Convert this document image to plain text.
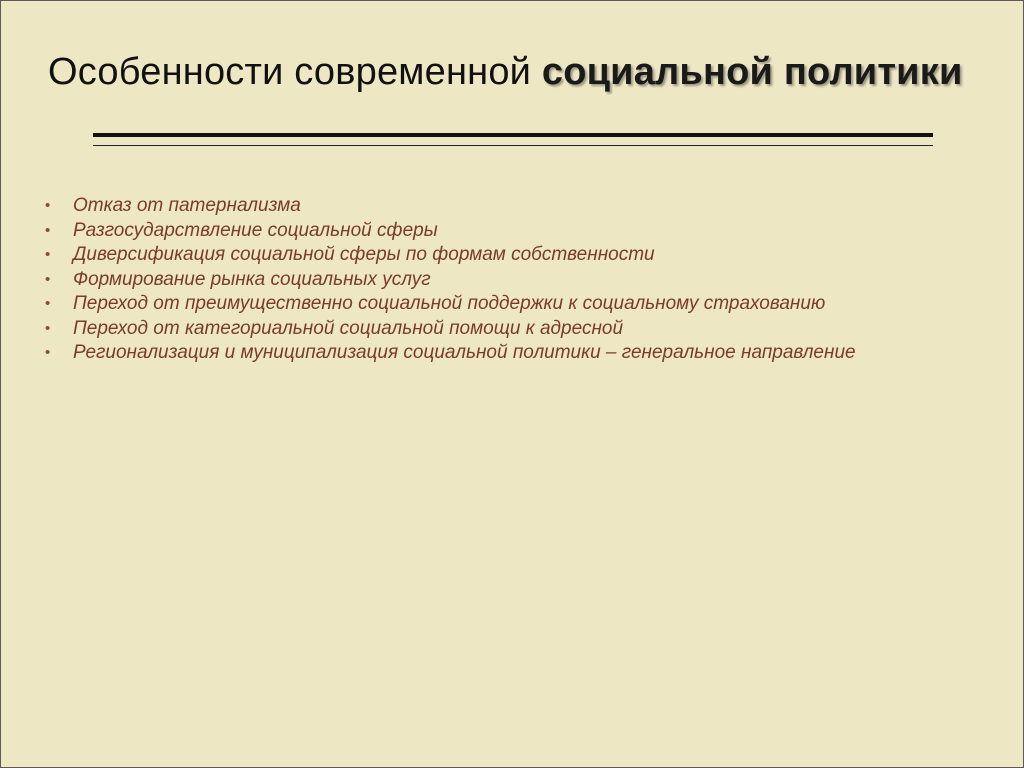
Особенности современной социальной политики
• Отказ от патернализма
• Разгосударствление социальной сферы
• Диверсификация социальной сферы по формам собственности
• Формирование рынка социальных услуг
• Переход от преимущественно социальной поддержки к социальному страхованию
• Переход от категориальной социальной помощи к адресной
• Регионализация и муниципализация социальной политики – генеральное направление
